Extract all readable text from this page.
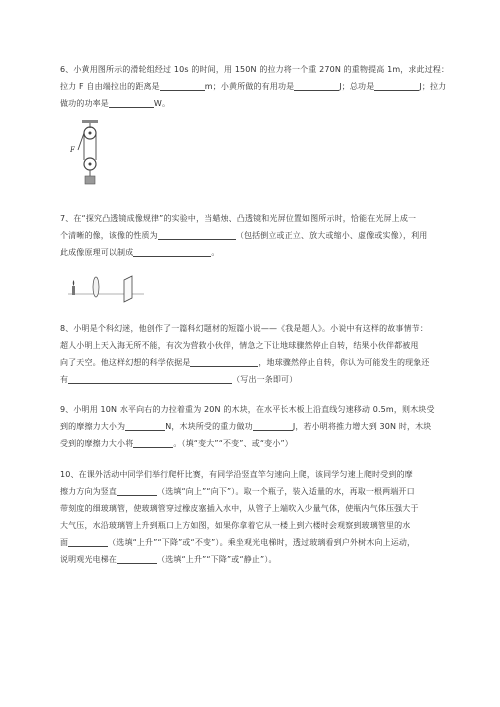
6、小黄用图所示的滑轮组经过 10s 的时间，用 150N 的拉力将一个重 270N 的重物提高 1m，求此过程：
拉力 F 自由端拉出的距离是	m；小黄所做的有用功是	J；总功是	J；拉力
做功的功率是	W。
F
7、在“探究凸透镜成像规律”的实验中，当蜡烛、凸透镜和光屏位置如图所示时，恰能在光屏上成一
个清晰的像，该像的性质为	（包括倒立或正立、放大或缩小、虚像或实像），利用
此成像原理可以制成	。
8、小明是个科幻迷，他创作了一篇科幻题材的短篇小说——《我是超人》。小说中有这样的故事情节：
超人小明上天入海无所不能，有次为营救小伙伴，情急之下让地球骤然停止自转，结果小伙伴都被甩
向了天空。他这样幻想的科学依据是	，地球骤然停止自转，你认为可能发生的现象还
有	（写出一条即可）
9、小明用 10N 水平向右的力拉着重为 20N 的木块，在水平长木板上沿直线匀速移动 0.5m，则木块受
到的摩擦力大小为	N，木块所受的重力做功	J，若小明将推力增大到 30N 时，木块
受到的摩擦力大小将	。（填“变大”“不变”、或“变小”）
10、在课外活动中同学们举行爬杆比赛，有同学沿竖直竿匀速向上爬，该同学匀速上爬时受到的摩
擦力方向为竖直	（选填“向上”“向下”）。取一个瓶子，装入适量的水，再取一根两端开口
带刻度的细玻璃管，使玻璃管穿过橡皮塞插入水中，从管子上端吹入少量气体，使瓶内气体压强大于
大气压，水沿玻璃管上升到瓶口上方如图，如果你拿着它从一楼上到六楼时会观察到玻璃管里的水
面	（选填“上升”“下降”或“不变”）。乘坐观光电梯时，透过玻璃看到户外树木向上运动，
说明观光电梯在	（选填“上升”“下降”或“静止”）。
